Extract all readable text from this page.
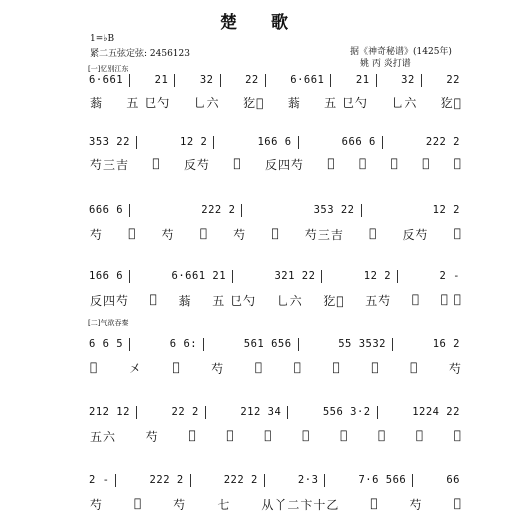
楚 歌
1=♭B
紧二五弦定弦: 2456123	据《神奇秘谱》(1425年)
姚 丙 炎打谱
[一]忆别江东
6·661	21	32	22	6·661	21	32	22
蓊	五 㔾勺	乚六	犵𩠏	蓊	五 㔾勺	乚六	犵𩠏
353 22	12 2	166 6	666 6	222 2
芍三吉	𩠏	反芍	𩠏	反四芍	𩠏	𩠏	𩠏	𩠏	𩠏
666 6	222 2	353 22	12 2
芍	𩠏	芍	𩠏	芍	𩠏	芍三吉	𩠏	反芍	𩠏
166 6	6·661 21	321 22	12 2	2 -
反四芍	𩠏	蓊	五 㔾勺	乚六	犵𩠏	五芍	𩠏	𩠏 五
[二]气欲吞秦
6 6 5	6 6:	561 656	55 3532	16 2
𩠏	㐅	𩠏	芍	𩠏	𩠏	𩠏	𩠏	𩠏	芍
212 12	22 2	212 34	556 3·2	1224 22
五六	芍	𩠏	𩠏	𩠏	𩠏	𩠏	𩠏	𩠏	𩠏
2 -	222 2	222 2	2·3	7·6 566	66
芍	𩠏	芍	七	从丫二卞十乙	𩠏	芍	𩠏
